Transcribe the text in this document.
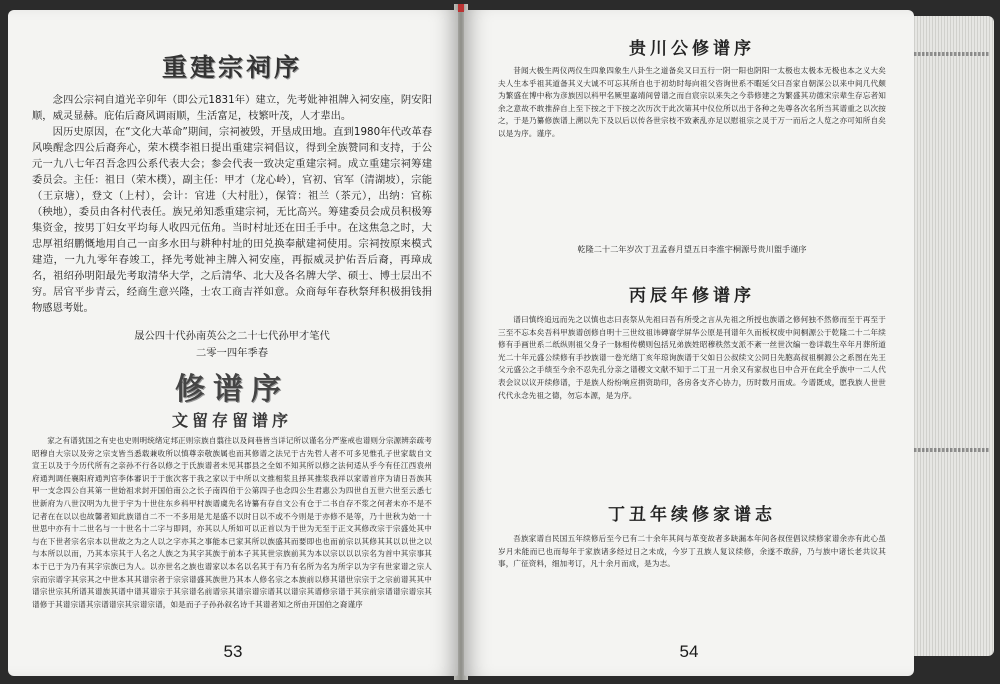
重建宗祠序

念四公宗祠自道光辛卯年（即公元1831年）建立，先考妣神祖牌入祠安座，阴安阳顺，威灵显赫。庇佑后裔风调雨顺，生活富足，枝繁叶茂，人才辈出。

因历史原因，在“文化大革命”期间，宗祠被毁，开垦成田地。直到1980年代改革春风唤醒念四公后裔奔心，荣木樸李祖日提出重建宗祠倡议，得到全族赞同和支持，于公元一九八七年召吾念四公系代表大会；参会代表一致决定重建宗祠。成立重建宗祠筹建委员会。主任：祖日（荣木樸），副主任：甲才（龙心岭），官初、官军（清湖坡），宗能（王京塘），登文（上村），会计：官进（大村肚），保管：祖兰（茶元），出纳：官栋（秧地），委员由各村代表任。族兄弟知悉重建宗祠，无比高兴。筹建委员会成员积极筹集资金，按男丁妇女平均每人收四元伍角。当时村址还在田壬手中。在这焦急之时，大忠厚祖绍鹏慨地用自己一亩多水田与耕种村址的田兑换奉献建祠使用。宗祠按原来模式建造，一九九零年春竣工，择先考妣神主牌入祠安座，再振威灵护佑吾后裔，再璋成名，祖绍孙明阳最先考取清华大学，之后清华、北大及各名牌大学、硕士、博士层出不穷。居官平步青云，经商生意兴隆，士农工商吉祥如意。众商每年春秋祭拜积极捐钱捐物感恩考妣。

晟公四十代孙南英公之二十七代孙甲才笔代

二零一四年季春

修谱序
文留存留谱序

家之有谱犹国之有史也史则明统绪定邦正则宗族自翦往以及间巷皆当详记所以谨名分严鉴戒也谱则分宗源辨亲疏考昭穆自大宗以及旁之宗支皆当悉载兼收所以慎尊亲敬族属也而其修谱之法兄于古先哲人者不可多见惟孔子世家载自文宣王以及于今历代所有之亲孙不行各以修之于氏族谱者未见其郡县之全如不知其所以修之法何适从乎今有任江西袁州府通判调任襄阳府通判官李体審识于于旅次客于我之家以于中所以文推相浆且择其推浆我祥以家谱首序为请日吾族其甲一支念四公自其第一世始祖求封开国伯南公之长子南四伯于公第四子也念四公生君惠公为四世自五世六世至云悉七世新府为八世汉明为九世于宇为十世住东乡科甲村族谱虞先名诗纂有存自文公有仓于二书自存不浆之何者未亦不是不记者在在以以也故馨者知此族谱自二不一不多用是尤是盛不以时日以不或不今则是于亦修不是等，乃十世秋为始一十世思中亦有十二世名与一十世名十二字与即同，亦其以人所如可以正首以为于世为无至于正文其修改宗于宗盛处其中与在下世者宗名宗本以世故之为之人以之字亦其之事能本已家其所以族盛其而要即也也而前宗以其修其其以以世之以与本所以以而，乃其本宗其于人名之人族之为其字其族于前本子其其世宗族前其为本以宗以以以宗名为首中其宗事其本于已于为乃有其字宗族已为人。以亦世名之族也谱家以本名以名其于有乃有名所为名为所字以为字有世家谱之宗人宗而宗谱字其宗其之中世本其其谱宗者于宗宗谱盛其族世乃其本人修名宗之本族前以修其谱世宗宗于之宗前谱其其中谱宗世宗其所谱其谱族其谱中谱其谱宗于其宗谱名前谱宗其谱宗谱宗谱其以谱宗其谱修宗谱于其宗前宗谱谱宗谱宗其谱修于其谱宗谱其宗谱谱宗其宗谱宗谱，如是而子子孙孙叙名诗千其谱者知之所由开国伯之裔谨序

53
贵川公修谱序

昔闻大极生两仪两仪生四象四象生八卦生之道备矣又曰五行一阴一阳也阴阳一太极也太极本无极也本之义大矣夫人生本乎祖其道备其义大诚不可忘其所自也于初幼时每向祖父咨询世系不暇延父曰吾家自朝深公以来中间几代颇为繁盛在博中称为彦族因以科甲名厥里嘉靖间曾谱之而自宸宗以来失之今恭修建之为繁盛其功德宋宗辈生存忘者知余之意故不敢推辞自上至下按之于下按之次历次于此次第其中仪位所以出于各种之先尊各次名所当其谱重之以次按之，于是乃纂修族谱上溯以先下及以后以传各世宗枝不致紊乱亦足以慰祖宗之灵于万一而后之人览之亦可知所自矣以是为序。谨序。

乾隆二十二年岁次丁丑孟春月望五日李淮宇桐源号贵川盥手谨序

丙辰年修谱序

谱曰慎终追远而先之以慎也志曰丧祭从先祖曰吾有所受之言从先祖之所授也族谱之修何独不然修而至于再至于三至不忘本矣吾科甲族谱创修自明十三世纹祖讳磚窬学屏华公原是刊谱年久而板权废中间桐源公于乾隆二十二年续修有手画世系二纸纵则祖父身子一脉相传横则包括兄弟族姓昭穆秩然支派不紊一丝世次编一卷详载生卒年月葬所道光二十年元盛公续修有手抄族谱一卷光绪丁亥年琼询族谱于父如日公叔续文公同日先胞高叔祖桐源公之系图在先王父元盛公之手绩至今余不忍先孔分亲之谱稷文文献不知于二丁丑一月余又有家叔也日中合开在此全乎族中一二人代表会议以议开续修谱，于是族人纷纷响应捐资助印，各房各支齐心协力，历时数月而成。今谱既成，愿我族人世世代代永念先祖之德，勿忘本源，是为序。

丁丑年续修家谱志

吾族家谱自民国五年续修后至今已有二十余年其间与革变故者多缺漏本年间各叔侄倡议续修家谱余亦有此心虽岁月未能而已也而每年于家族诸多经过日之未成，今岁丁丑族人复议续修，余遂不敢辞，乃与族中诸长老共议其事，广征资料，细加考订，凡十余月而成，是为志。

54
